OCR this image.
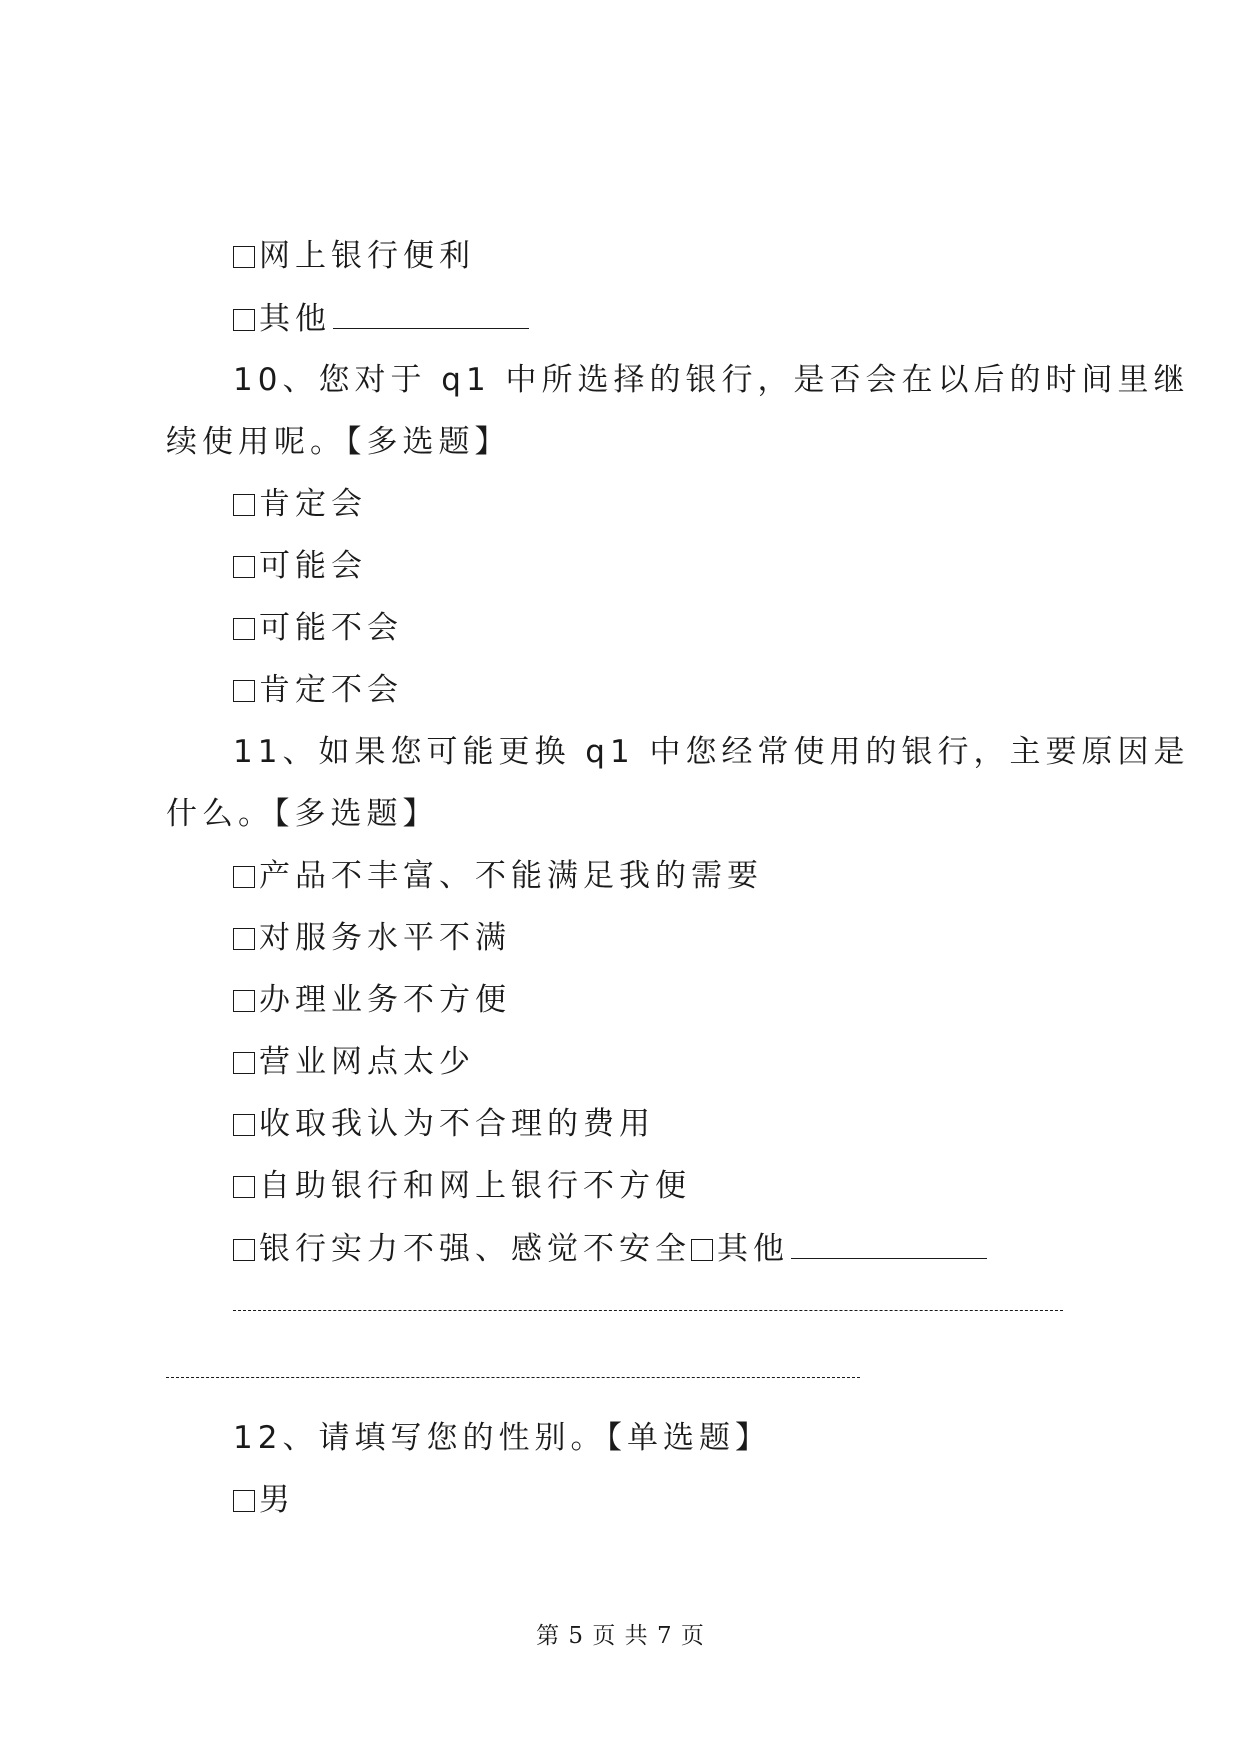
网上银行便利
其他
10、您对于 q1 中所选择的银行，是否会在以后的时间里继
续使用呢。【多选题】
肯定会
可能会
可能不会
肯定不会
11、如果您可能更换 q1 中您经常使用的银行，主要原因是
什么。【多选题】
产品不丰富、不能满足我的需要
对服务水平不满
办理业务不方便
营业网点太少
收取我认为不合理的费用
自助银行和网上银行不方便
银行实力不强、感觉不安全 其他
12、请填写您的性别。【单选题】
男
第 5 页 共 7 页
